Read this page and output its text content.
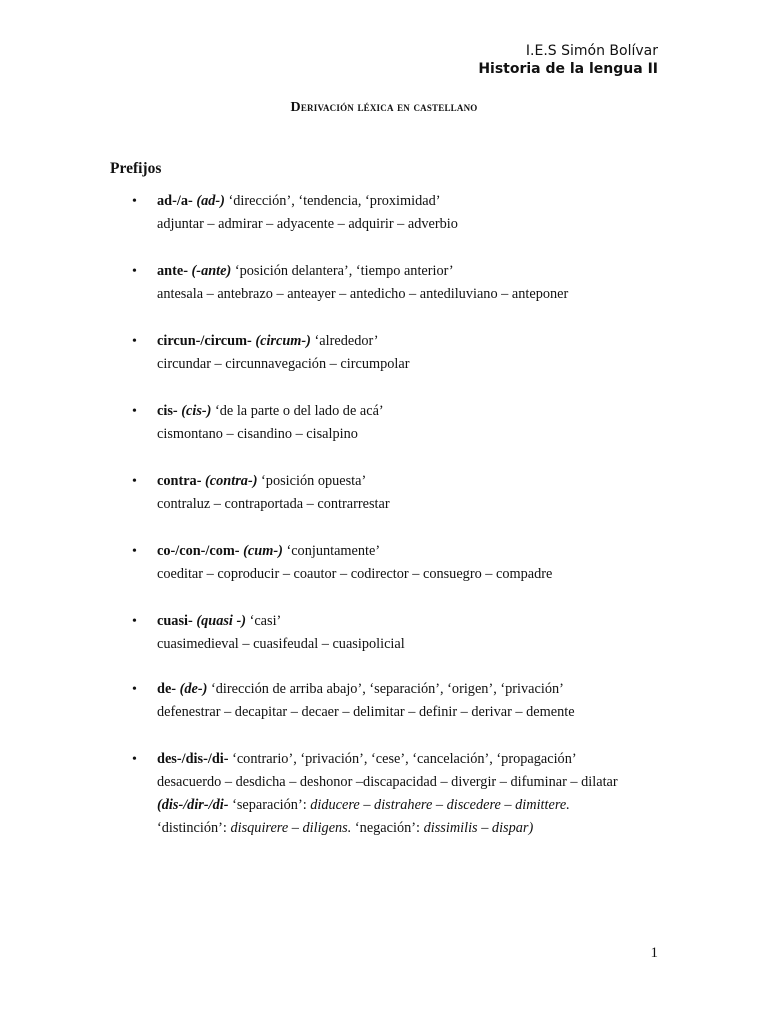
I.E.S Simón Bolívar
Historia de la lengua II
Derivación léxica en castellano
Prefijos
• ad-/a- (ad-) ‘dirección’, ‘tendencia, ‘proximidad’
adjuntar – admirar – adyacente – adquirir – adverbio
• ante- (-ante) ‘posición delantera’, ‘tiempo anterior’
antesala – antebrazo – anteayer – antedicho – antediluviano – anteponer
• circun-/circum- (circum-) ‘alrededor’
circundar – circunnavegación – circumpolar
• cis- (cis-) ‘de la parte o del lado de acá’
cismontano – cisandino – cisalpino
• contra- (contra-) ‘posición opuesta’
contraluz – contraportada – contrarrestar
• co-/con-/com- (cum-) ‘conjuntamente’
coeditar – coproducir – coautor – codirector – consuegro – compadre
• cuasi- (quasi -) ‘casi’
cuasimedieval – cuasifeudal – cuasipolicial
• de- (de-) ‘dirección de arriba abajo’, ‘separación’, ‘origen’, ‘privación’
defenestrar – decapitar – decaer – delimitar – definir – derivar – demente
• des-/dis-/di- ‘contrario’, ‘privación’, ‘cese’, ‘cancelación’, ‘propagación’
desacuerdo – desdicha – deshonor –discapacidad – divergir – difuminar – dilatar
(dis-/dir-/di- ‘separación’: diducere – distrahere – discedere – dimittere.
‘distinción’: disquirere – diligens. ‘negación’: dissimilis – dispar)
1
